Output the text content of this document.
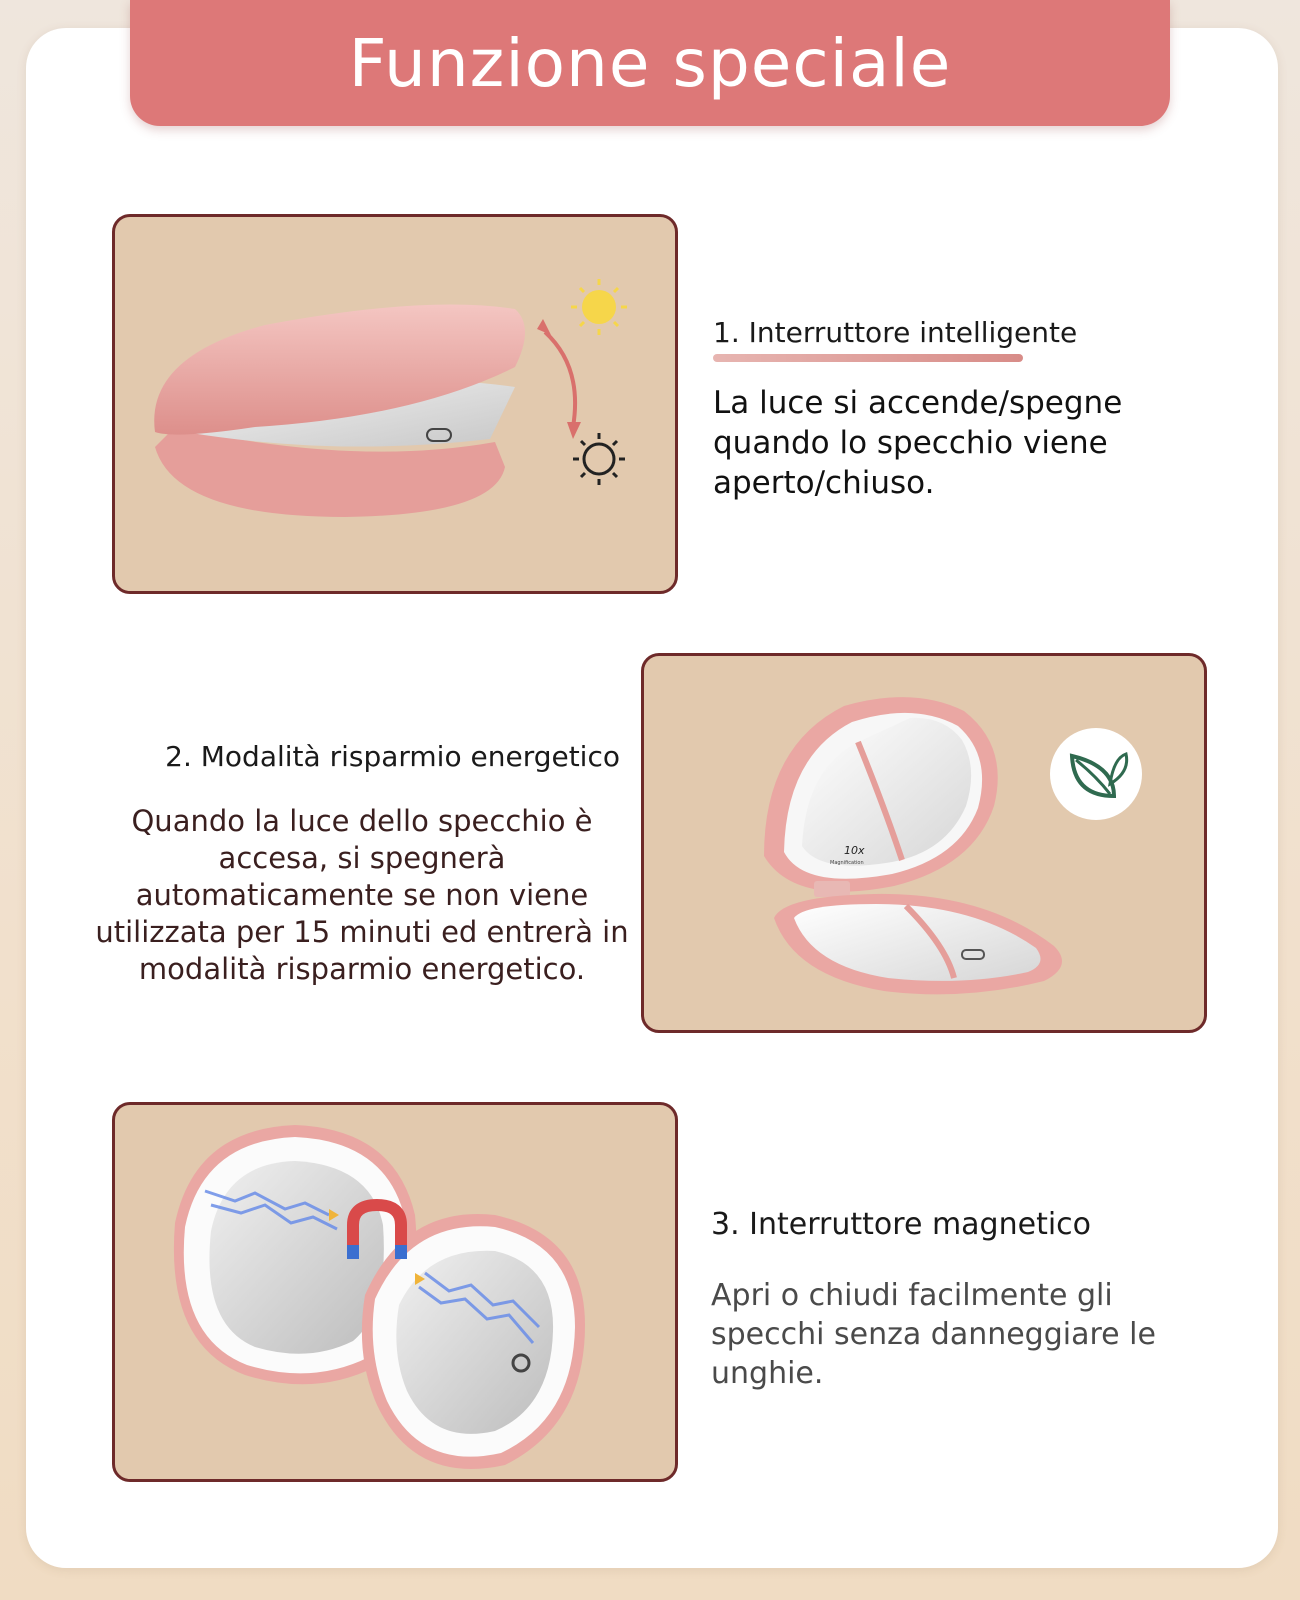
Funzione speciale

1. Interruttore intelligente

La luce si accende/spegne quando lo specchio viene aperto/chiuso.

2. Modalità risparmio energetico

Quando la luce dello specchio è accesa, si spegnerà automaticamente se non viene utilizzata per 15 minuti ed entrerà in modalità risparmio energetico.

10x
Magnification

3. Interruttore magnetico

Apri o chiudi facilmente gli specchi senza danneggiare le unghie.
